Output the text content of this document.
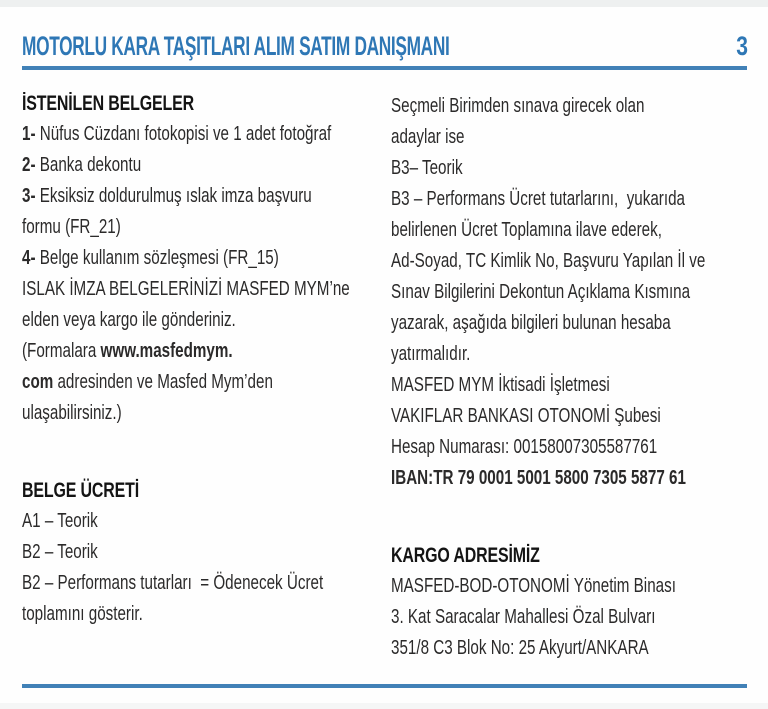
MOTORLU KARA TAŞITLARI ALIM SATIM DANIŞMANI	3
İSTENİLEN BELGELER
1- Nüfus Cüzdanı fotokopisi ve 1 adet fotoğraf
2- Banka dekontu
3- Eksiksiz doldurulmuş ıslak imza başvuru
formu (FR_21)
4- Belge kullanım sözleşmesi (FR_15)
ISLAK İMZA BELGELERİNİZİ MASFED MYM’ne
elden veya kargo ile gönderiniz.
(Formalara www.masfedmym.
com adresinden ve Masfed Mym’den
ulaşabilirsiniz.)
BELGE ÜCRETİ
A1 – Teorik
B2 – Teorik
B2 – Performans tutarları  = Ödenecek Ücret
toplamını gösterir.
Seçmeli Birimden sınava girecek olan
adaylar ise
B3– Teorik
B3 – Performans Ücret tutarlarını,  yukarıda
belirlenen Ücret Toplamına ilave ederek,
Ad-Soyad, TC Kimlik No, Başvuru Yapılan İl ve
Sınav Bilgilerini Dekontun Açıklama Kısmına
yazarak, aşağıda bilgileri bulunan hesaba
yatırmalıdır.
MASFED MYM İktisadi İşletmesi
VAKIFLAR BANKASI OTONOMİ Şubesi
Hesap Numarası: 00158007305587761
IBAN:TR 79 0001 5001 5800 7305 5877 61
KARGO ADRESİMİZ
MASFED-BOD-OTONOMİ Yönetim Binası
3. Kat Saracalar Mahallesi Özal Bulvarı
351/8 C3 Blok No: 25 Akyurt/ANKARA
